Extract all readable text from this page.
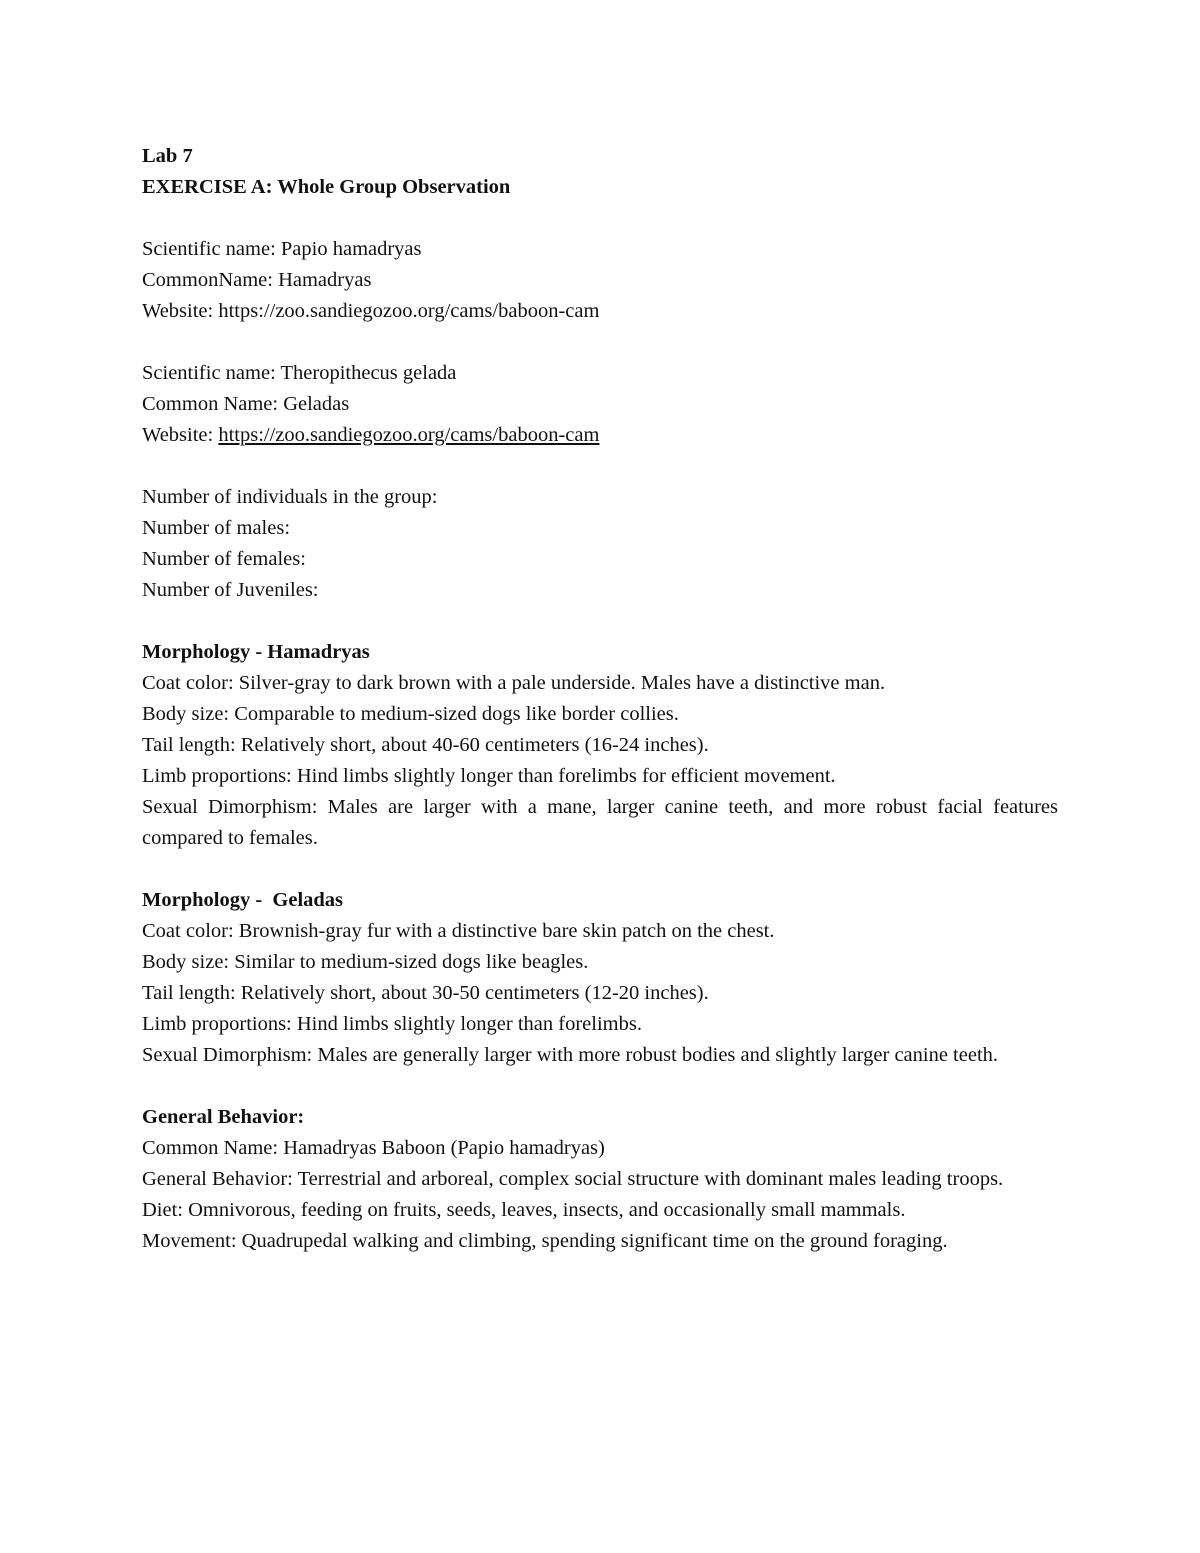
Lab 7
EXERCISE A: Whole Group Observation
Scientific name: Papio hamadryas
CommonName: Hamadryas
Website: https://zoo.sandiegozoo.org/cams/baboon-cam
Scientific name: Theropithecus gelada
Common Name: Geladas
Website: https://zoo.sandiegozoo.org/cams/baboon-cam
Number of individuals in the group:
Number of males:
Number of females:
Number of Juveniles:
Morphology - Hamadryas
Coat color: Silver-gray to dark brown with a pale underside. Males have a distinctive man.
Body size: Comparable to medium-sized dogs like border collies.
Tail length: Relatively short, about 40-60 centimeters (16-24 inches).
Limb proportions: Hind limbs slightly longer than forelimbs for efficient movement.
Sexual Dimorphism: Males are larger with a mane, larger canine teeth, and more robust facial features compared to females.
Morphology -  Geladas
Coat color: Brownish-gray fur with a distinctive bare skin patch on the chest.
Body size: Similar to medium-sized dogs like beagles.
Tail length: Relatively short, about 30-50 centimeters (12-20 inches).
Limb proportions: Hind limbs slightly longer than forelimbs.
Sexual Dimorphism: Males are generally larger with more robust bodies and slightly larger canine teeth.
General Behavior:
Common Name: Hamadryas Baboon (Papio hamadryas)
General Behavior: Terrestrial and arboreal, complex social structure with dominant males leading troops.
Diet: Omnivorous, feeding on fruits, seeds, leaves, insects, and occasionally small mammals.
Movement: Quadrupedal walking and climbing, spending significant time on the ground foraging.
